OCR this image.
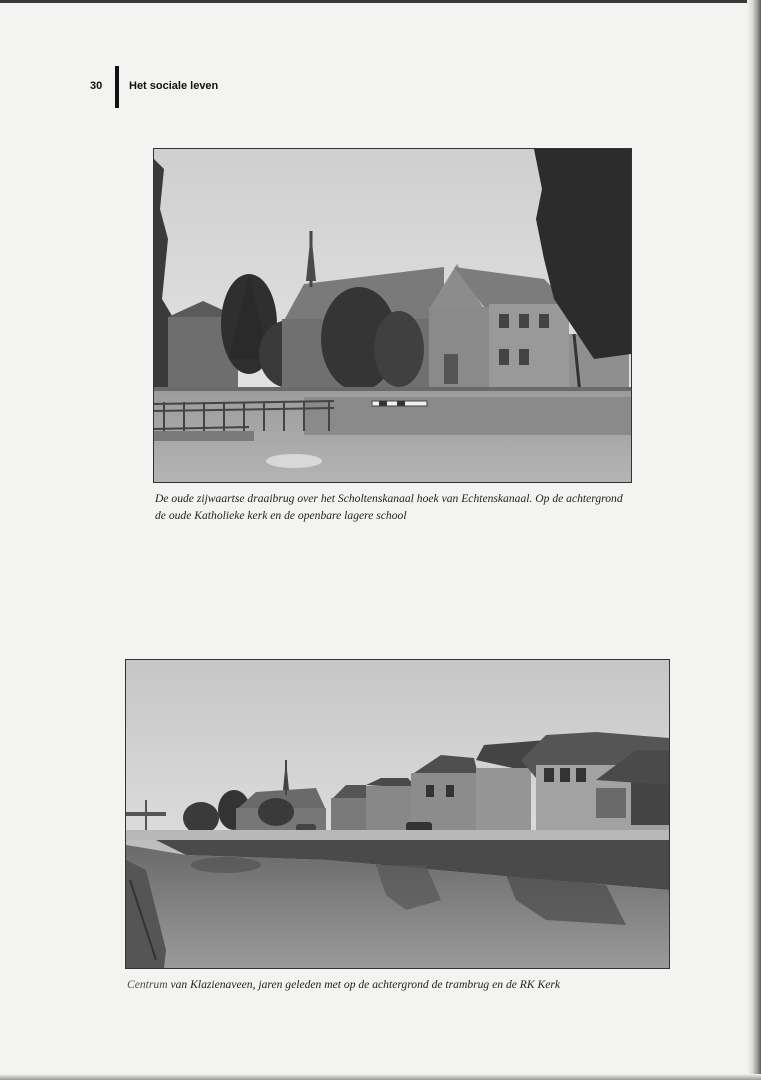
30 Het sociale leven
De oude zijwaartse draaibrug over het Scholtenskanaal hoek van Echtenskanaal. Op de achtergrond de oude Katholieke kerk en de openbare lagere school
Centrum van Klazienaveen, jaren geleden met op de achtergrond de trambrug en de RK Kerk
